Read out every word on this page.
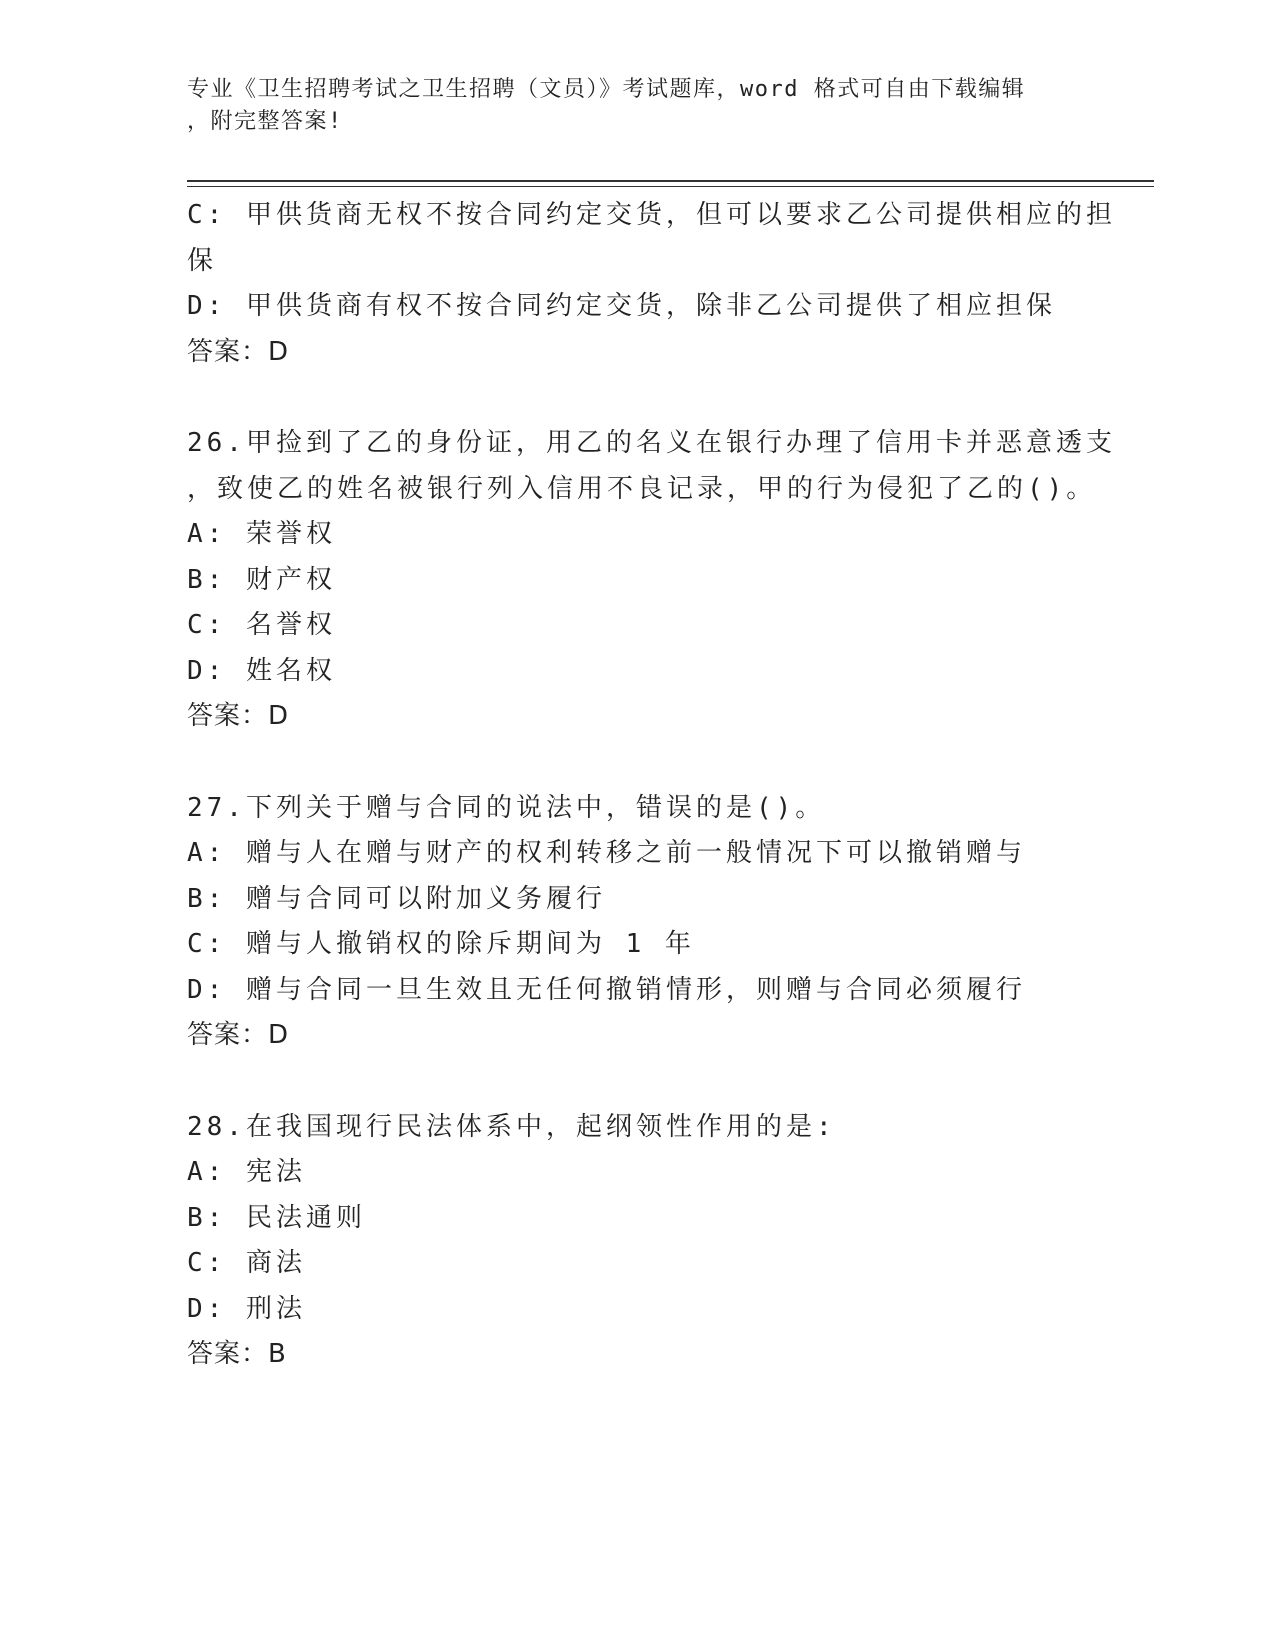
专业《卫生招聘考试之卫生招聘（文员）》考试题库，word 格式可自由下载编辑
，附完整答案!
C: 甲供货商无权不按合同约定交货，但可以要求乙公司提供相应的担
保
D: 甲供货商有权不按合同约定交货，除非乙公司提供了相应担保
答案：D
26.甲捡到了乙的身份证，用乙的名义在银行办理了信用卡并恶意透支
，致使乙的姓名被银行列入信用不良记录，甲的行为侵犯了乙的()。
A: 荣誉权
B: 财产权
C: 名誉权
D: 姓名权
答案：D
27.下列关于赠与合同的说法中，错误的是()。
A: 赠与人在赠与财产的权利转移之前一般情况下可以撤销赠与
B: 赠与合同可以附加义务履行
C: 赠与人撤销权的除斥期间为 1 年
D: 赠与合同一旦生效且无任何撤销情形，则赠与合同必须履行
答案：D
28.在我国现行民法体系中，起纲领性作用的是:
A: 宪法
B: 民法通则
C: 商法
D: 刑法
答案：B
